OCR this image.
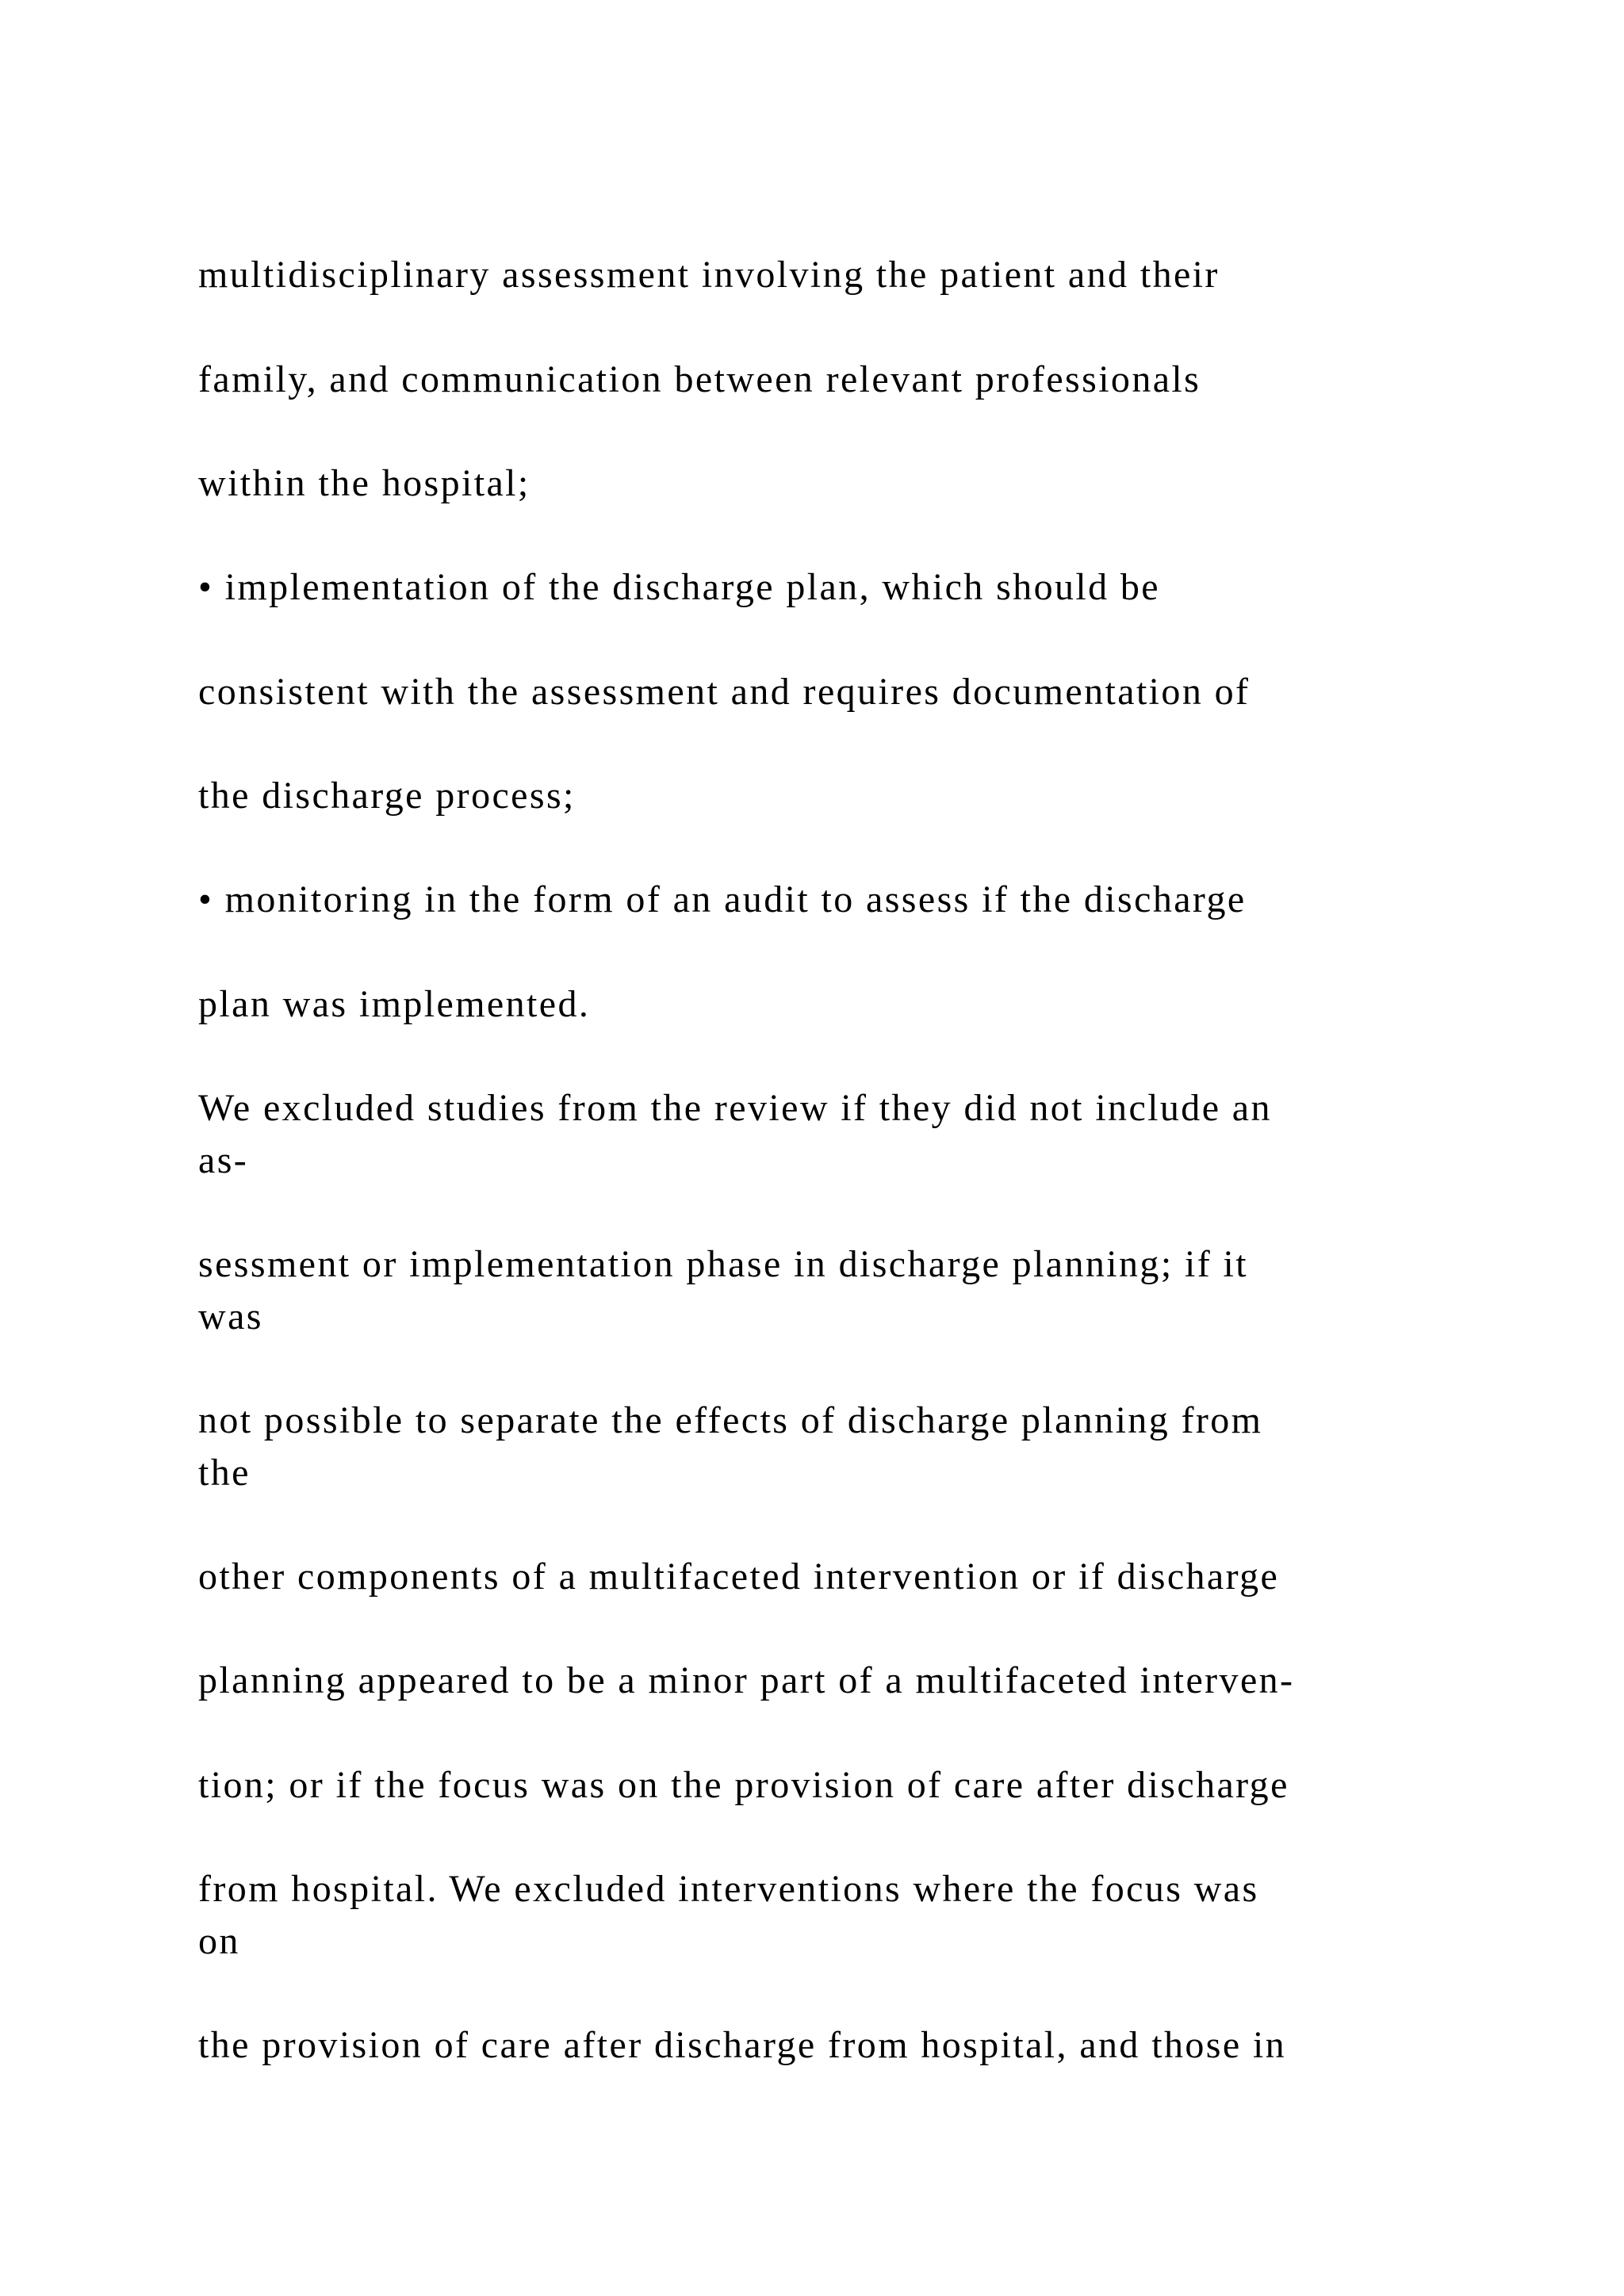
multidisciplinary assessment involving the patient and their
family, and communication between relevant professionals
within the hospital;
• implementation of the discharge plan, which should be
consistent with the assessment and requires documentation of
the discharge process;
• monitoring in the form of an audit to assess if the discharge
plan was implemented.
We excluded studies from the review if they did not include an
as-
sessment or implementation phase in discharge planning; if it
was
not possible to separate the effects of discharge planning from
the
other components of a multifaceted intervention or if discharge
planning appeared to be a minor part of a multifaceted interven-
tion; or if the focus was on the provision of care after discharge
from hospital. We excluded interventions where the focus was
on
the provision of care after discharge from hospital, and those in
